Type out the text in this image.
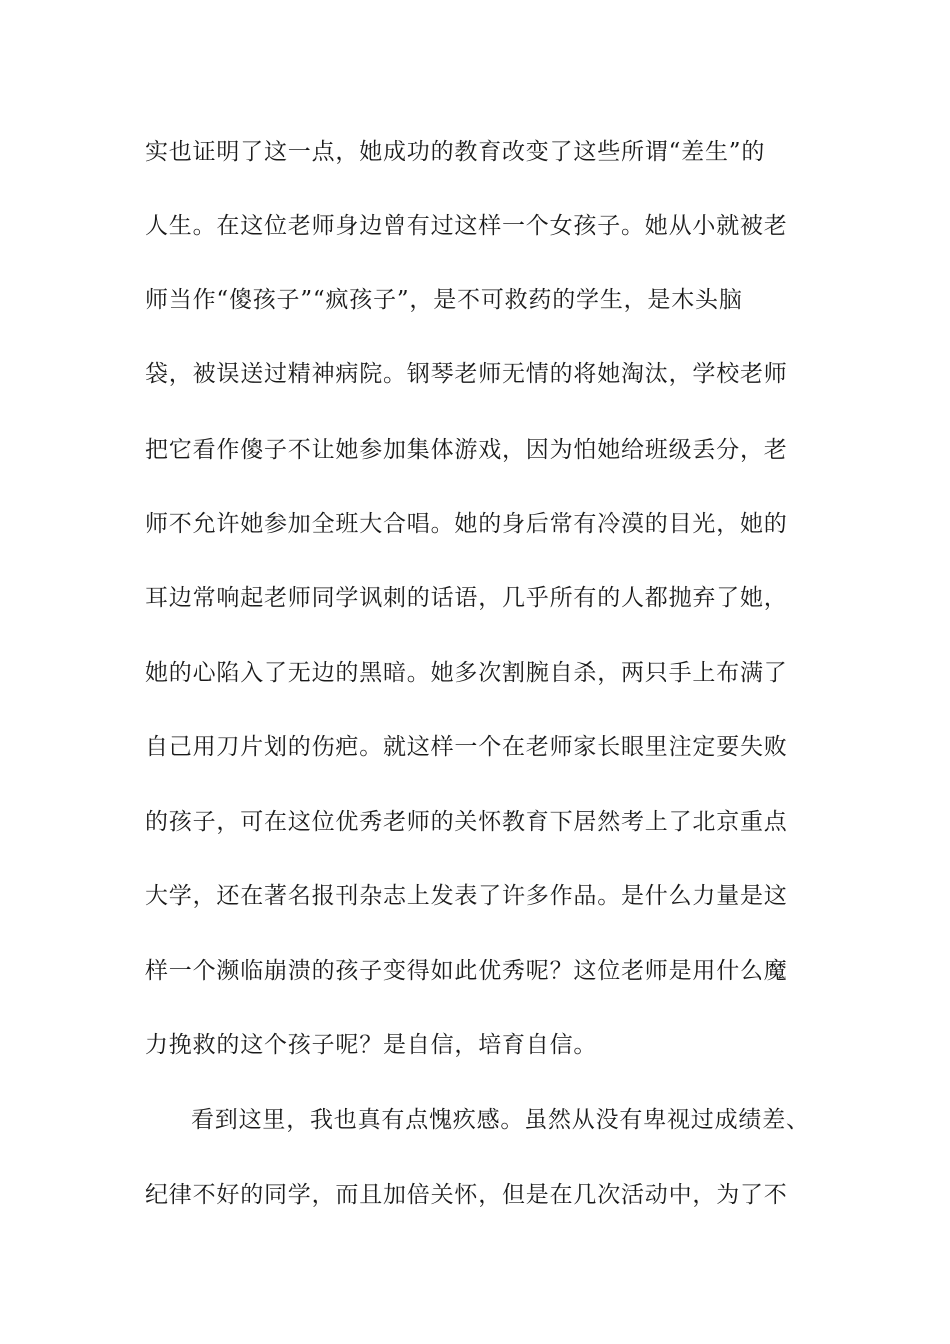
实也证明了这一点，她成功的教育改变了这些所谓“差生”的
人生。在这位老师身边曾有过这样一个女孩子。她从小就被老
师当作“傻孩子”“疯孩子”，是不可救药的学生，是木头脑
袋，被误送过精神病院。钢琴老师无情的将她淘汰，学校老师
把它看作傻子不让她参加集体游戏，因为怕她给班级丢分，老
师不允许她参加全班大合唱。她的身后常有冷漠的目光，她的
耳边常响起老师同学讽刺的话语，几乎所有的人都抛弃了她，
她的心陷入了无边的黑暗。她多次割腕自杀，两只手上布满了
自己用刀片划的伤疤。就这样一个在老师家长眼里注定要失败
的孩子，可在这位优秀老师的关怀教育下居然考上了北京重点
大学，还在著名报刊杂志上发表了许多作品。是什么力量是这
样一个濒临崩溃的孩子变得如此优秀呢？这位老师是用什么魔
力挽救的这个孩子呢？是自信，培育自信。
看到这里，我也真有点愧疚感。虽然从没有卑视过成绩差、
纪律不好的同学，而且加倍关怀，但是在几次活动中，为了不
